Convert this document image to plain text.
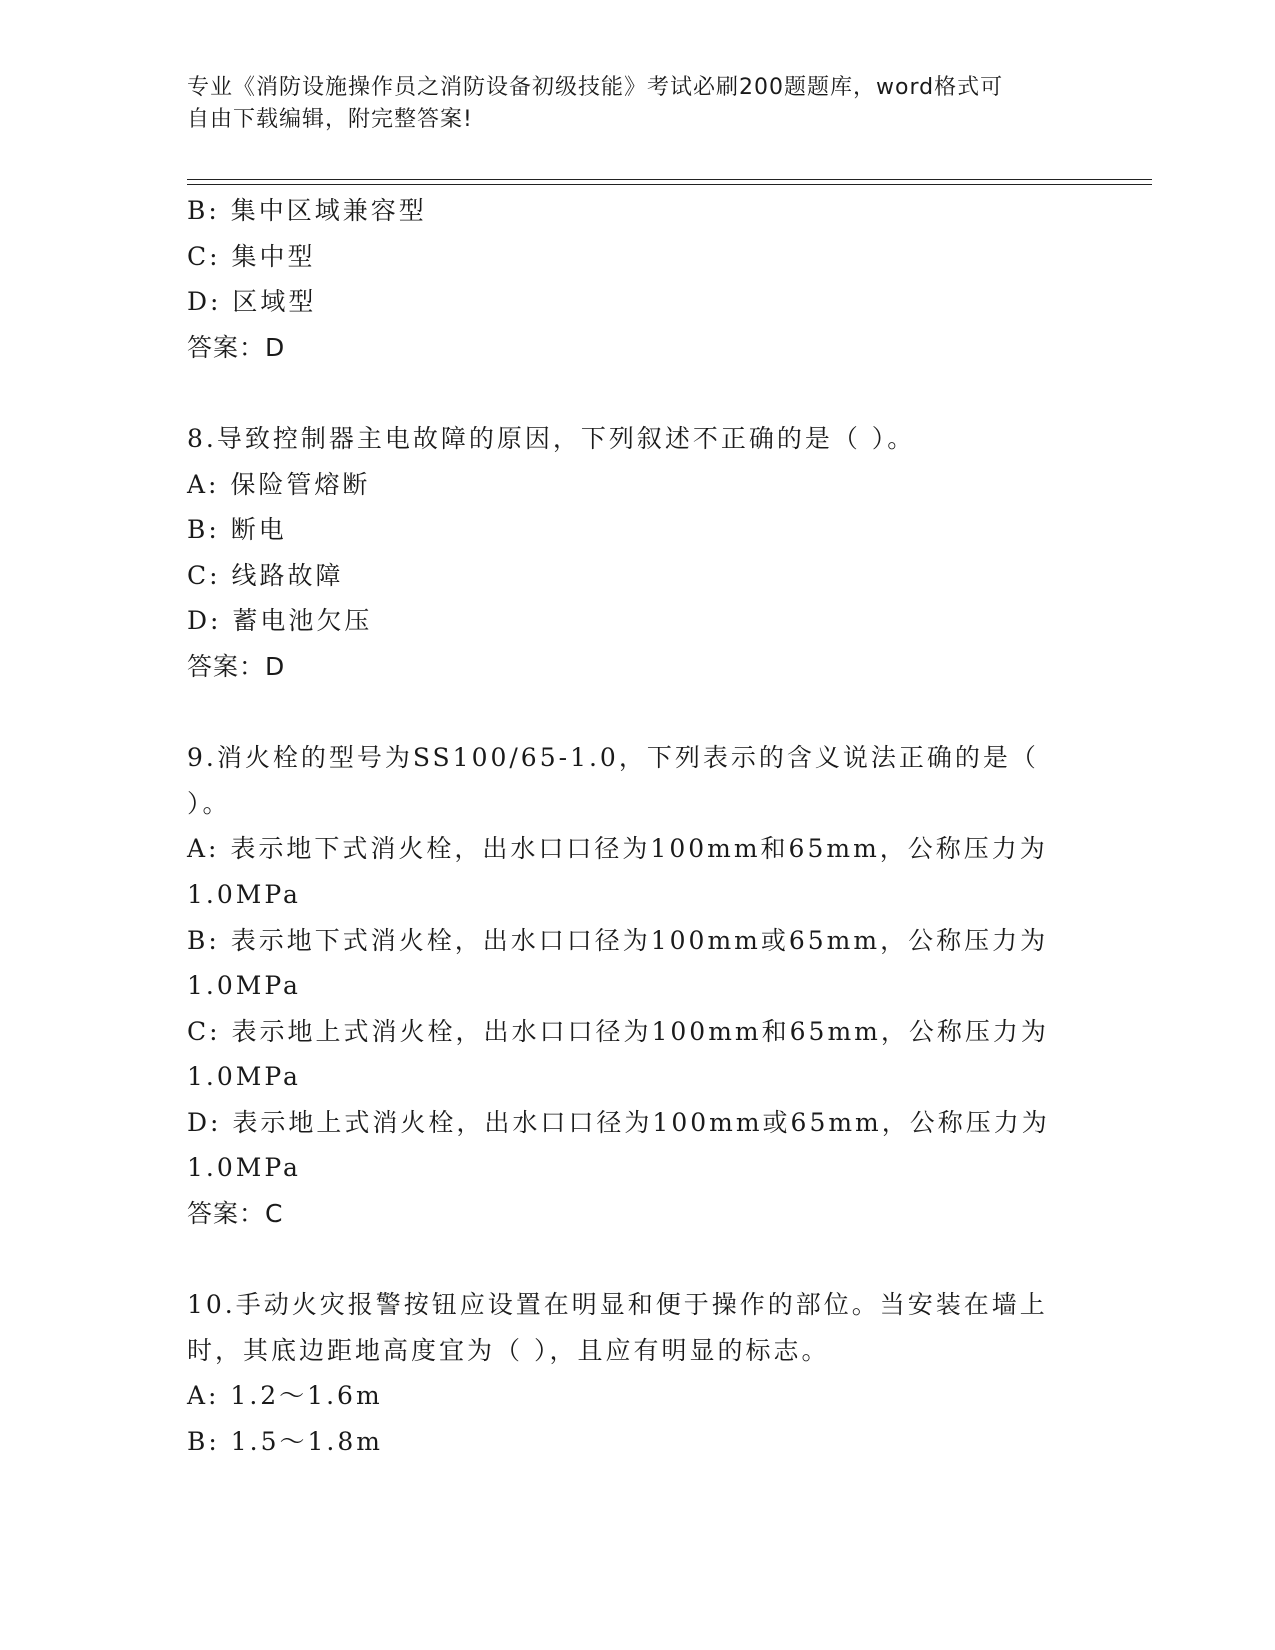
专业《消防设施操作员之消防设备初级技能》考试必刷200题题库，word格式可
自由下载编辑，附完整答案!
B: 集中区域兼容型
C: 集中型
D: 区域型
答案：D
8.导致控制器主电故障的原因，下列叙述不正确的是（ ）。
A: 保险管熔断
B: 断电
C: 线路故障
D: 蓄电池欠压
答案：D
9.消火栓的型号为SS100/65-1.0，下列表示的含义说法正确的是（
）。
A: 表示地下式消火栓，出水口口径为100mm和65mm，公称压力为
1.0MPa
B: 表示地下式消火栓，出水口口径为100mm或65mm，公称压力为
1.0MPa
C: 表示地上式消火栓，出水口口径为100mm和65mm，公称压力为
1.0MPa
D: 表示地上式消火栓，出水口口径为100mm或65mm，公称压力为
1.0MPa
答案：C
10.手动火灾报警按钮应设置在明显和便于操作的部位。当安装在墙上
时，其底边距地高度宜为（ ），且应有明显的标志。
A: 1.2～1.6m
B: 1.5～1.8m
